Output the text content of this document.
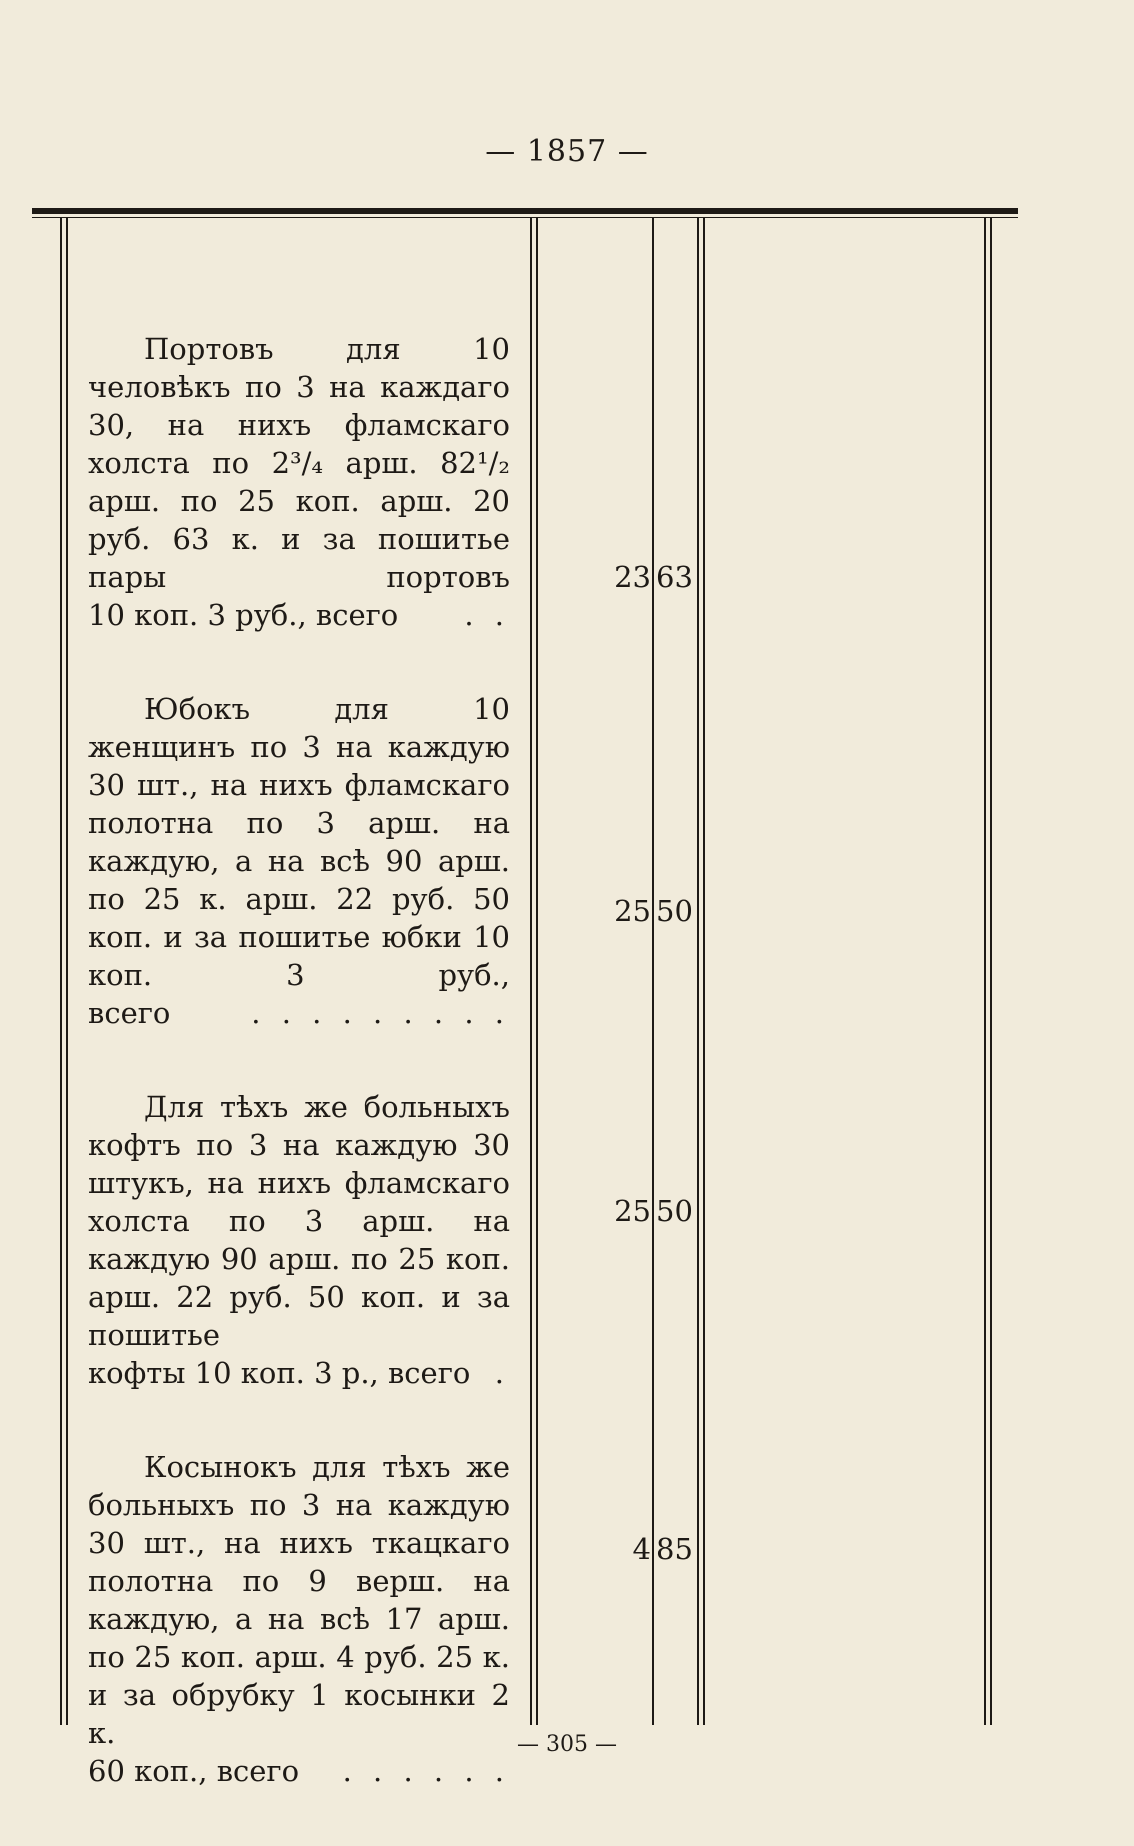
— 1857 —

Портовъ для 10 человѣкъ по 3 на каждаго 30, на нихъ фламскаго холста по 2³/₄ арш. 82¹/₂ арш. по 25 коп. арш. 20 руб. 63 к. и за пошитье пары портовъ

10 коп. 3 руб., всего . .

Юбокъ для 10 женщинъ по 3 на каждую 30 шт., на нихъ фламскаго полотна по 3 арш. на каждую, а на всѣ 90 арш. по 25 к. арш. 22 руб. 50 коп. и за пошитье юбки 10 коп. 3 руб.,

всего	. . . . . . . . .

Для тѣхъ же больныхъ кофтъ по 3 на каждую 30 штукъ, на нихъ фламскаго холста по 3 арш. на каждую 90 арш. по 25 коп. арш. 22 руб. 50 коп. и за пошитье

кофты 10 коп. 3 р., всего .

Косынокъ для тѣхъ же больныхъ по 3 на каждую 30 шт., на нихъ ткацкаго полотна по 9 верш. на каждую, а на всѣ 17 арш. по 25 коп. арш. 4 руб. 25 к. и за обрубку 1 косынки 2 к.

60 коп., всего . . . . . .
23 63
25 50
25 50
4 85
— 305 —
